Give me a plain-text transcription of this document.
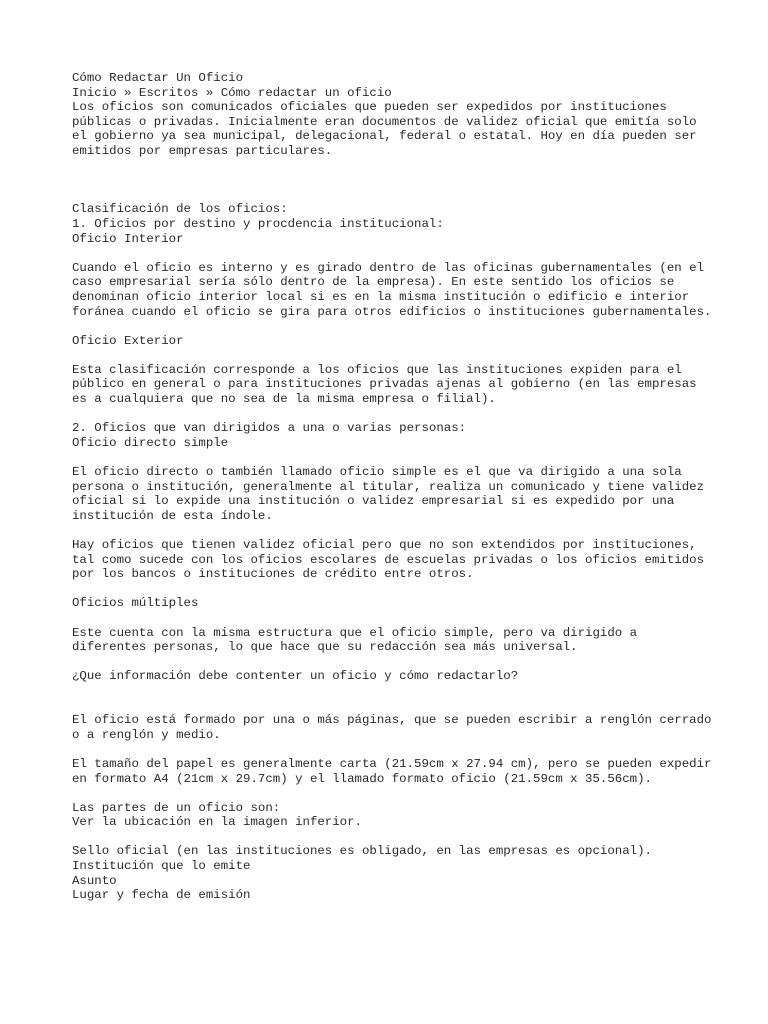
Cómo Redactar Un Oficio
Inicio » Escritos » Cómo redactar un oficio
Los oficios son comunicados oficiales que pueden ser expedidos por instituciones públicas o privadas. Inicialmente eran documentos de validez oficial que emitía solo el gobierno ya sea municipal, delegacional, federal o estatal. Hoy en día pueden ser emitidos por empresas particulares.
Clasificación de los oficios:
1. Oficios por destino y procdencia institucional:
Oficio Interior
Cuando el oficio es interno y es girado dentro de las oficinas gubernamentales (en el caso empresarial sería sólo dentro de la empresa). En este sentido los oficios se denominan oficio interior local si es en la misma institución o edificio e interior foránea cuando el oficio se gira para otros edificios o instituciones gubernamentales.
Oficio Exterior
Esta clasificación corresponde a los oficios que las instituciones expiden para el público en general o para instituciones privadas ajenas al gobierno (en las empresas es a cualquiera que no sea de la misma empresa o filial).
2. Oficios que van dirigidos a una o varias personas:
Oficio directo simple
El oficio directo o también llamado oficio simple es el que va dirigido a una sola persona o institución, generalmente al titular, realiza un comunicado y tiene validez oficial si lo expide una institución o validez empresarial si es expedido por una institución de esta índole.
Hay oficios que tienen validez oficial pero que no son extendidos por instituciones, tal como sucede con los oficios escolares de escuelas privadas o los oficios emitidos por los bancos o instituciones de crédito entre otros.
Oficios múltiples
Este cuenta con la misma estructura que el oficio simple, pero va dirigido a diferentes personas, lo que hace que su redacción sea más universal.
¿Que información debe contenter un oficio y cómo redactarlo?
El oficio está formado por una o más páginas, que se pueden escribir a renglón cerrado o a renglón y medio.
El tamaño del papel es generalmente carta (21.59cm x 27.94 cm), pero se pueden expedir en formato A4 (21cm x 29.7cm) y el llamado formato oficio (21.59cm x 35.56cm).
Las partes de un oficio son:
Ver la ubicación en la imagen inferior.
Sello oficial (en las instituciones es obligado, en las empresas es opcional).
Institución que lo emite
Asunto
Lugar y fecha de emisión
